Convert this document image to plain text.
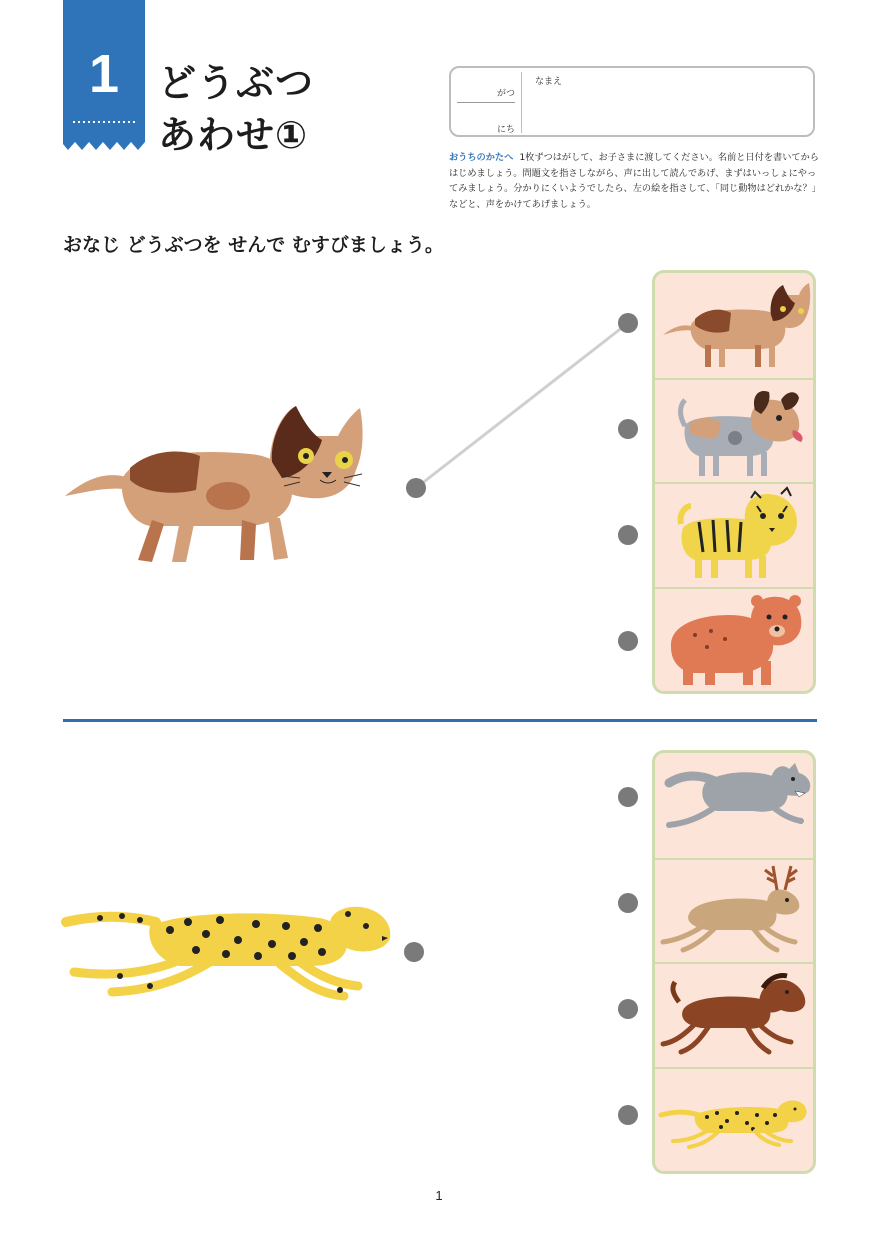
1	どうぶつ
あわせ①
がつ
にち
なまえ
おうちのかたへ 1枚ずつはがして、お子さまに渡してください。名前と日付を書いてからはじめましょう。問題文を指さしながら、声に出して読んであげ、まずはいっしょにやってみましょう。分かりにくいようでしたら、左の絵を指さして、「同じ動物はどれかな？」などと、声をかけてあげましょう。
おなじ どうぶつを せんで むすびましょう。
1
